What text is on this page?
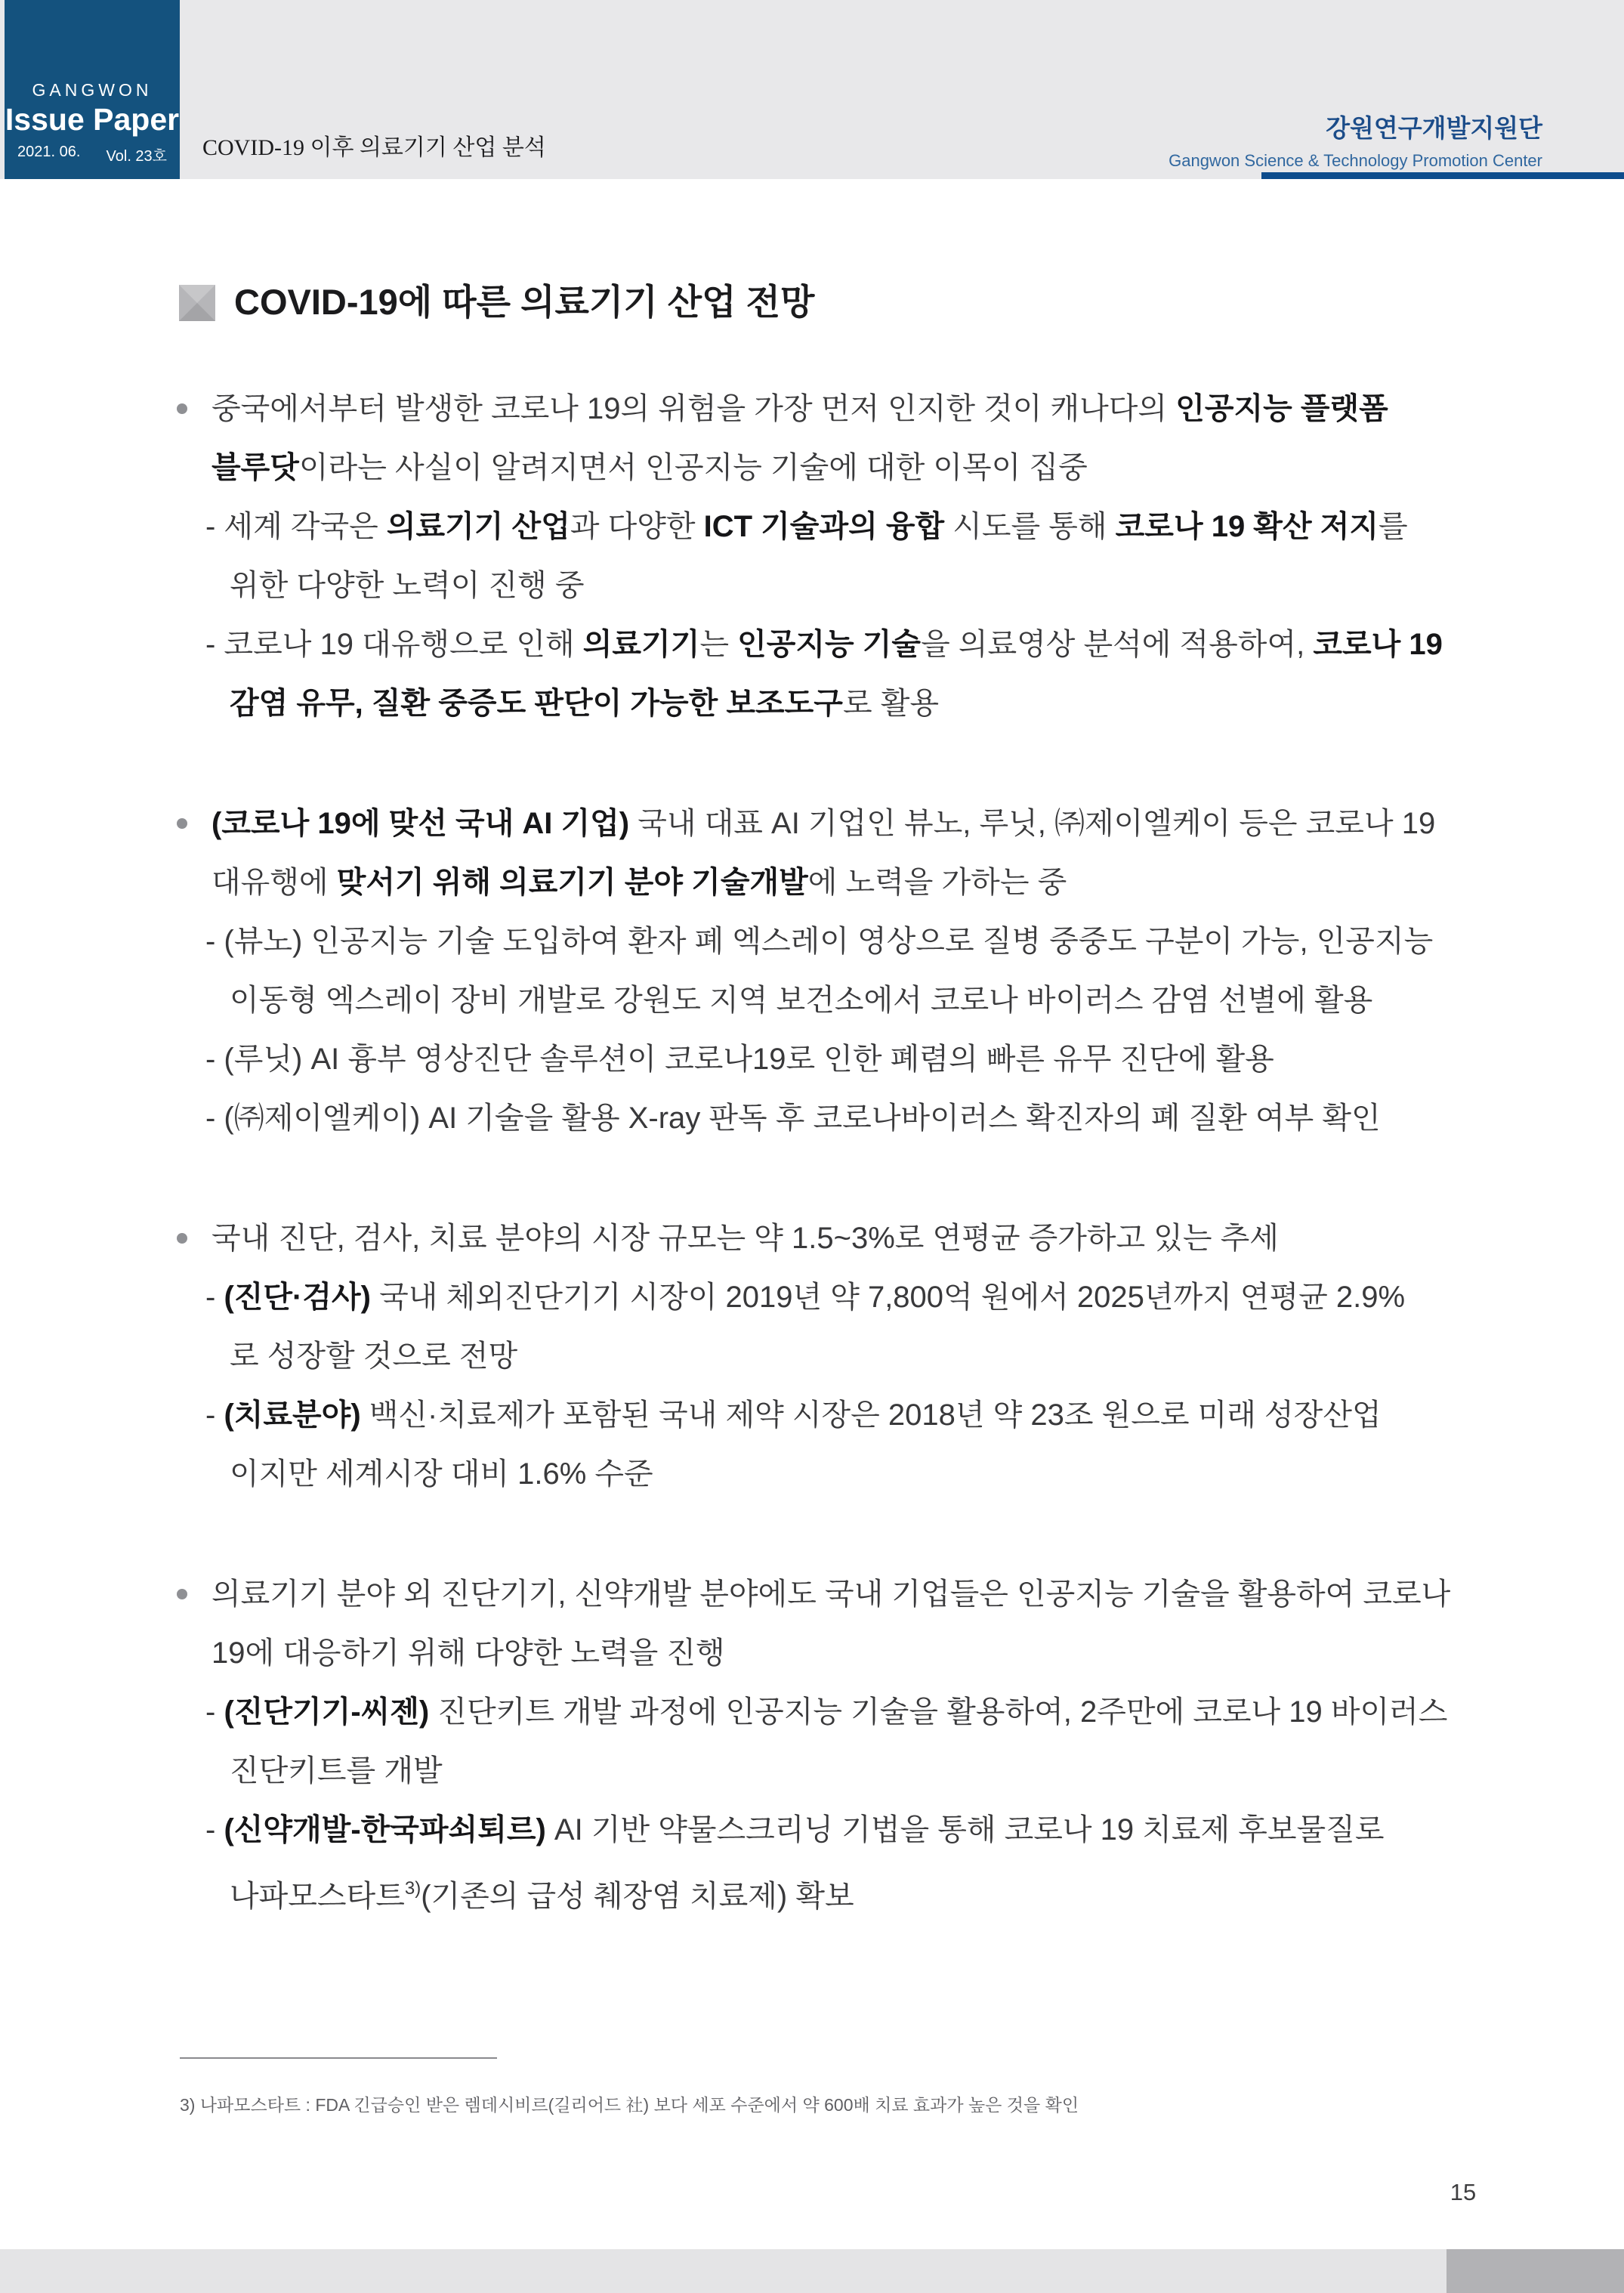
GANGWON
Issue Paper
2021. 06. Vol. 23호 COVID-19 이후 의료기기 산업 분석
강원연구개발지원단
Gangwon Science & Technology Promotion Center
COVID-19에 따른 의료기기 산업 전망
중국에서부터 발생한 코로나 19의 위험을 가장 먼저 인지한 것이 캐나다의 인공지능 플랫폼
블루닷이라는 사실이 알려지면서 인공지능 기술에 대한 이목이 집중
- 세계 각국은 의료기기 산업과 다양한 ICT 기술과의 융합 시도를 통해 코로나 19 확산 저지를
위한 다양한 노력이 진행 중
- 코로나 19 대유행으로 인해 의료기기는 인공지능 기술을 의료영상 분석에 적용하여, 코로나 19
감염 유무, 질환 중증도 판단이 가능한 보조도구로 활용
(코로나 19에 맞선 국내 AI 기업) 국내 대표 AI 기업인 뷰노, 루닛, ㈜제이엘케이 등은 코로나 19
대유행에 맞서기 위해 의료기기 분야 기술개발에 노력을 가하는 중
- (뷰노) 인공지능 기술 도입하여 환자 폐 엑스레이 영상으로 질병 중중도 구분이 가능, 인공지능
이동형 엑스레이 장비 개발로 강원도 지역 보건소에서 코로나 바이러스 감염 선별에 활용
- (루닛) AI 흉부 영상진단 솔루션이 코로나19로 인한 폐렴의 빠른 유무 진단에 활용
- (㈜제이엘케이) AI 기술을 활용 X-ray 판독 후 코로나바이러스 확진자의 폐 질환 여부 확인
국내 진단, 검사, 치료 분야의 시장 규모는 약 1.5~3%로 연평균 증가하고 있는 추세
- (진단·검사) 국내 체외진단기기 시장이 2019년 약 7,800억 원에서 2025년까지 연평균 2.9%
로 성장할 것으로 전망
- (치료분야) 백신·치료제가 포함된 국내 제약 시장은 2018년 약 23조 원으로 미래 성장산업
이지만 세계시장 대비 1.6% 수준
의료기기 분야 외 진단기기, 신약개발 분야에도 국내 기업들은 인공지능 기술을 활용하여 코로나
19에 대응하기 위해 다양한 노력을 진행
- (진단기기-씨젠) 진단키트 개발 과정에 인공지능 기술을 활용하여, 2주만에 코로나 19 바이러스
진단키트를 개발
- (신약개발-한국파쇠퇴르) AI 기반 약물스크리닝 기법을 통해 코로나 19 치료제 후보물질로
나파모스타트$^{3)}$(기존의 급성 췌장염 치료제) 확보
3) 나파모스타트 : FDA 긴급승인 받은 렘데시비르(길리어드 社) 보다 세포 수준에서 약 600배 치료 효과가 높은 것을 확인
15
